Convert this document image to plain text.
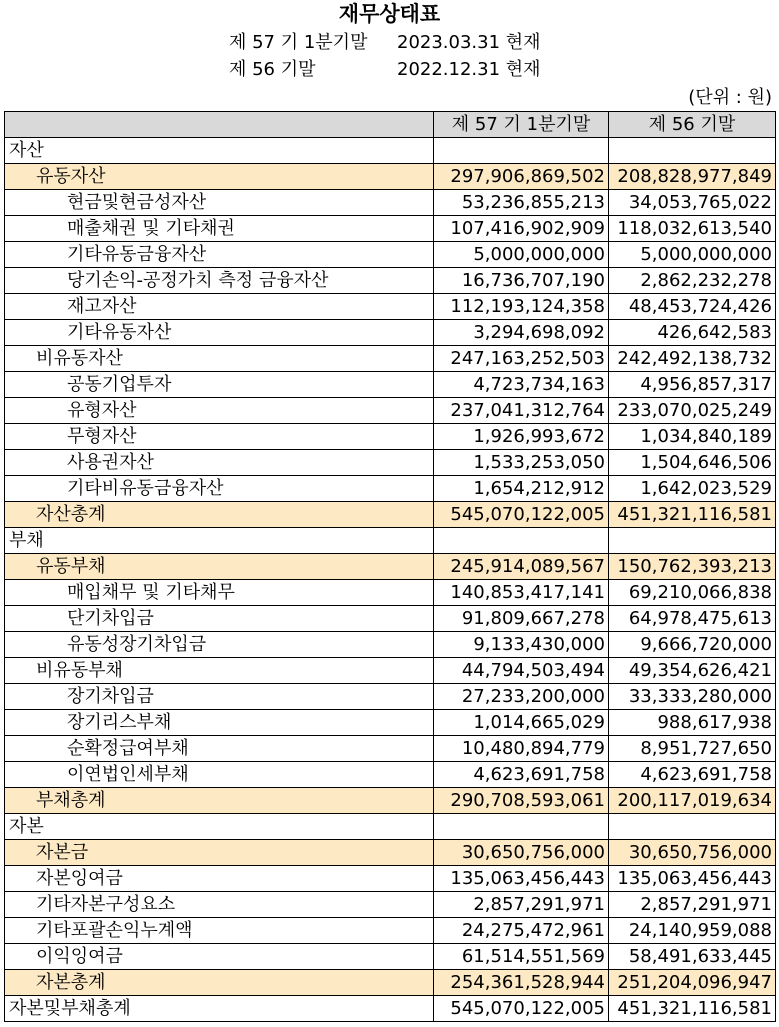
재무상태표
제 57 기 1분기말 2023.03.31 현재
제 56 기말	2022.12.31 현재
(단위 : 원)
	제 57 기 1분기말	제 56 기말
자산		
유동자산	297,906,869,502	208,828,977,849
현금및현금성자산	53,236,855,213	34,053,765,022
매출채권 및 기타채권	107,416,902,909	118,032,613,540
기타유동금융자산	5,000,000,000	5,000,000,000
당기손익-공정가치 측정 금융자산	16,736,707,190	2,862,232,278
재고자산	112,193,124,358	48,453,724,426
기타유동자산	3,294,698,092	426,642,583
비유동자산	247,163,252,503	242,492,138,732
공동기업투자	4,723,734,163	4,956,857,317
유형자산	237,041,312,764	233,070,025,249
무형자산	1,926,993,672	1,034,840,189
사용권자산	1,533,253,050	1,504,646,506
기타비유동금융자산	1,654,212,912	1,642,023,529
자산총계	545,070,122,005	451,321,116,581
부채		
유동부채	245,914,089,567	150,762,393,213
매입채무 및 기타채무	140,853,417,141	69,210,066,838
단기차입금	91,809,667,278	64,978,475,613
유동성장기차입금	9,133,430,000	9,666,720,000
비유동부채	44,794,503,494	49,354,626,421
장기차입금	27,233,200,000	33,333,280,000
장기리스부채	1,014,665,029	988,617,938
순확정급여부채	10,480,894,779	8,951,727,650
이연법인세부채	4,623,691,758	4,623,691,758
부채총계	290,708,593,061	200,117,019,634
자본		
자본금	30,650,756,000	30,650,756,000
자본잉여금	135,063,456,443	135,063,456,443
기타자본구성요소	2,857,291,971	2,857,291,971
기타포괄손익누계액	24,275,472,961	24,140,959,088
이익잉여금	61,514,551,569	58,491,633,445
자본총계	254,361,528,944	251,204,096,947
자본및부채총계	545,070,122,005	451,321,116,581
